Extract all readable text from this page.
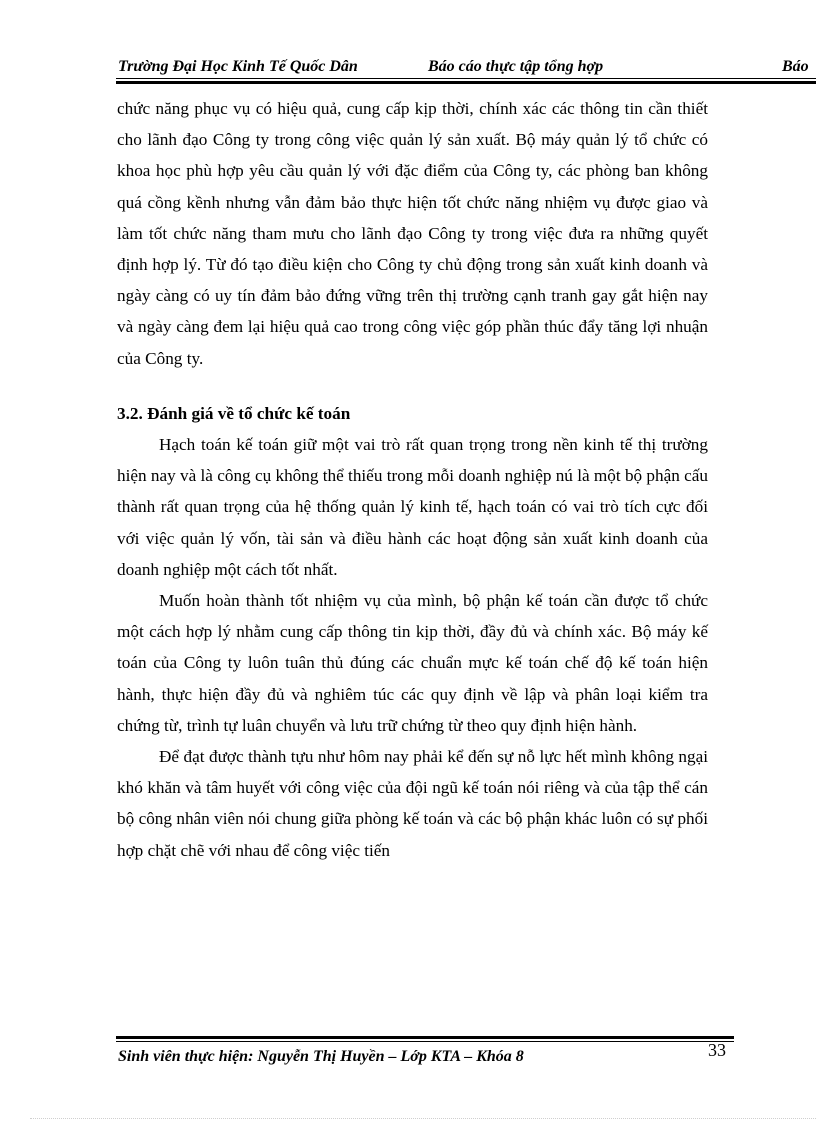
Trường Đại Học Kinh Tế Quốc Dân	Báo cáo thực tập tổng hợp	Báo

chức năng phục vụ có hiệu quả, cung cấp kịp thời, chính xác các thông tin cần thiết cho lãnh đạo Công ty trong công việc quản lý sản xuất. Bộ máy quản lý tổ chức có khoa học phù hợp yêu cầu quản lý với đặc điểm của Công ty, các phòng ban không quá cồng kềnh nhưng vẫn đảm bảo thực hiện tốt chức năng nhiệm vụ được giao và làm tốt chức năng tham mưu cho lãnh đạo Công ty trong việc đưa ra những quyết định hợp lý. Từ đó tạo điều kiện cho Công ty chủ động trong sản xuất kinh doanh và ngày càng có uy tín đảm bảo đứng vững trên thị trường cạnh tranh gay gắt hiện nay và ngày càng đem lại hiệu quả cao trong công việc góp phần thúc đẩy tăng lợi nhuận của Công ty.

3.2. Đánh giá về tổ chức kế toán

Hạch toán kế toán giữ một vai trò rất quan trọng trong nền kinh tế thị trường hiện nay và là công cụ không thể thiếu trong mỗi doanh nghiệp nú là một bộ phận cấu thành rất quan trọng của hệ thống quản lý kinh tế, hạch toán có vai trò tích cực đối với việc quản lý vốn, tài sản và điều hành các hoạt động sản xuất kinh doanh của doanh nghiệp một cách tốt nhất.

Muốn hoàn thành tốt nhiệm vụ của mình, bộ phận kế toán cần được tổ chức một cách hợp lý nhằm cung cấp thông tin kịp thời, đầy đủ và chính xác. Bộ máy kế toán của Công ty luôn tuân thủ đúng các chuẩn mực kế toán chế độ kế toán hiện hành, thực hiện đầy đủ và nghiêm túc các quy định về lập và phân loại kiểm tra chứng từ, trình tự luân chuyển và lưu trữ chứng từ theo quy định hiện hành.

Để đạt được thành tựu như hôm nay phải kể đến sự nỗ lực hết mình không ngại khó khăn và tâm huyết với công việc của đội ngũ kế toán nói riêng và của tập thể cán bộ công nhân viên nói chung giữa phòng kế toán và các bộ phận khác luôn có sự phối hợp chặt chẽ với nhau để công việc tiến

Sinh viên thực hiện: Nguyễn Thị Huyền – Lớp KTA – Khóa 8	33
